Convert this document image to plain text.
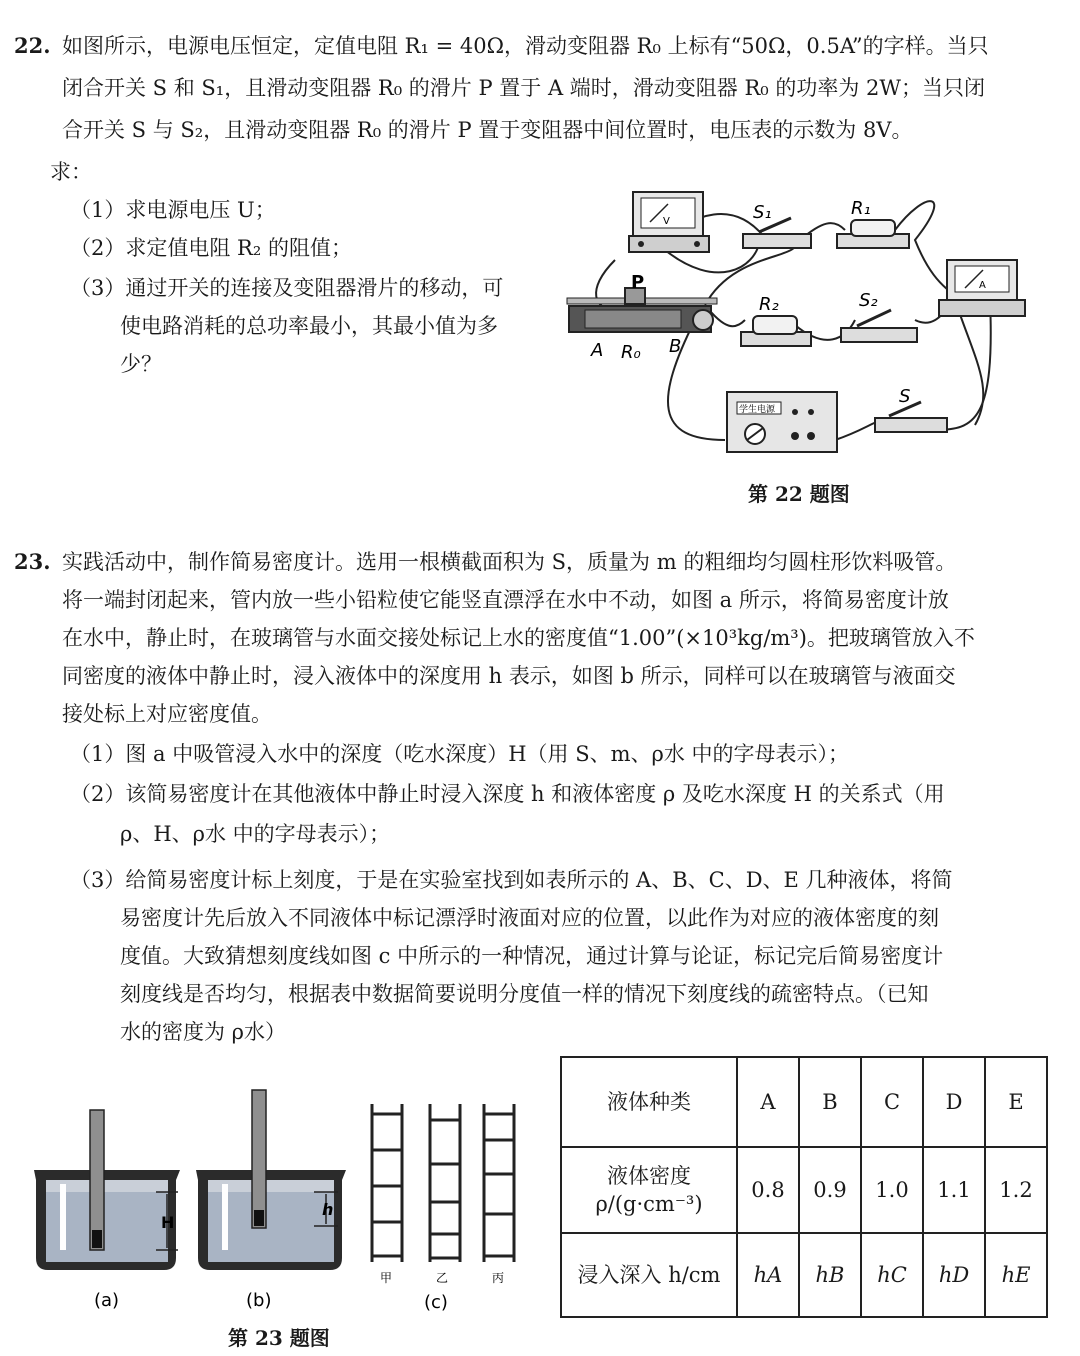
22. 如图所示，电源电压恒定，定值电阻 R₁ = 40Ω，滑动变阻器 R₀ 上标有“50Ω，0.5A”的字样。当只
闭合开关 S 和 S₁，且滑动变阻器 R₀ 的滑片 P 置于 A 端时，滑动变阻器 R₀ 的功率为 2W；当只闭
合开关 S 与 S₂，且滑动变阻器 R₀ 的滑片 P 置于变阻器中间位置时，电压表的示数为 8V。
求：
（1）求电源电压 U；
（2）求定值电阻 R₂ 的阻值；
（3）通过开关的连接及变阻器滑片的移动，可
使电路消耗的总功率最小，其最小值为多
少？
V	S₁	R₁
A
P
A R₀ B
R₂	S₂
学生电源
S
第 22 题图
23. 实践活动中，制作简易密度计。选用一根横截面积为 S，质量为 m 的粗细均匀圆柱形饮料吸管。
将一端封闭起来，管内放一些小铅粒使它能竖直漂浮在水中不动，如图 a 所示，将简易密度计放
在水中，静止时，在玻璃管与水面交接处标记上水的密度值“1.00”(×10³kg/m³)。把玻璃管放入不
同密度的液体中静止时，浸入液体中的深度用 h 表示，如图 b 所示，同样可以在玻璃管与液面交
接处标上对应密度值。
（1）图 a 中吸管浸入水中的深度（吃水深度）H（用 S、m、ρ水 中的字母表示）；
（2）该简易密度计在其他液体中静止时浸入深度 h 和液体密度 ρ 及吃水深度 H 的关系式（用
ρ、H、ρ水 中的字母表示）；
（3）给简易密度计标上刻度，于是在实验室找到如表所示的 A、B、C、D、E 几种液体，将简
易密度计先后放入不同液体中标记漂浮时液面对应的位置，以此作为对应的液体密度的刻
度值。大致猜想刻度线如图 c 中所示的一种情况，通过计算与论证，标记完后简易密度计
刻度线是否均匀，根据表中数据简要说明分度值一样的情况下刻度线的疏密特点。（已知
水的密度为 ρ水）
H
h
(a)	(b)
甲	乙	丙
(c)
第 23 题图
液体种类	A	B	C	D	E
液体密度 ρ/(g·cm⁻³)	0.8	0.9	1.0	1.1	1.2
浸入深入 h/cm	hA	hB	hC	hD	hE
